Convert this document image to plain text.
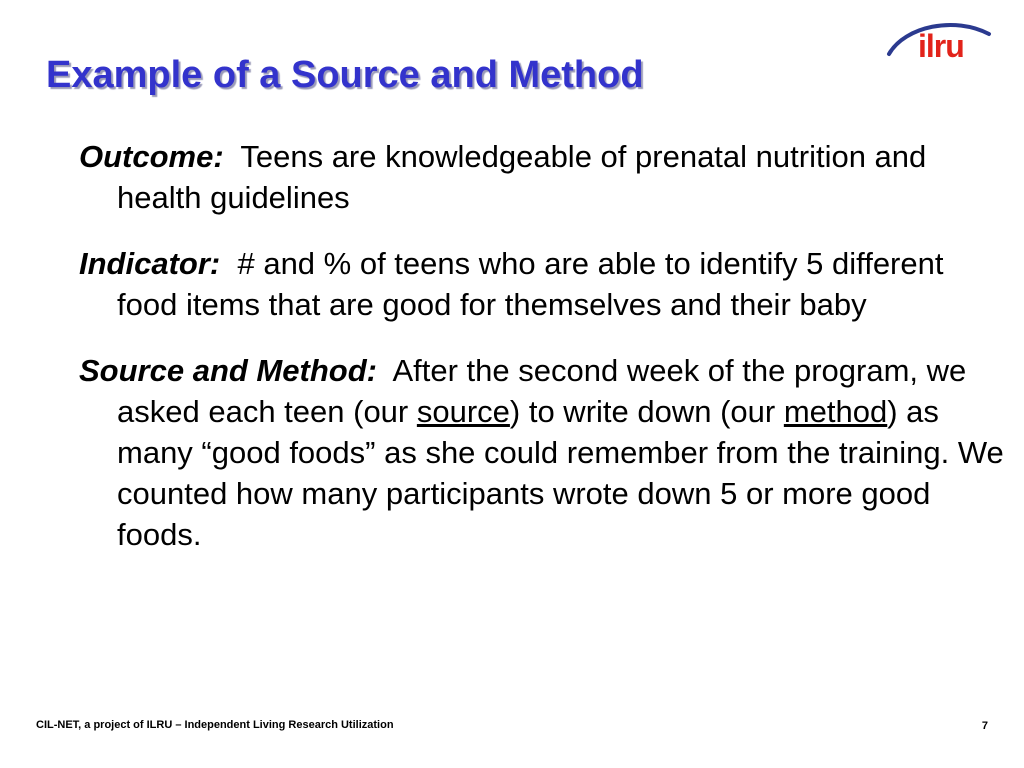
Example of a Source and Method
ilru

Outcome: Teens are knowledgeable of prenatal nutrition and health guidelines

Indicator: # and % of teens who are able to identify 5 different food items that are good for themselves and their baby

Source and Method: After the second week of the program, we asked each teen (our source) to write down (our method) as many “good foods” as she could remember from the training. We counted how many participants wrote down 5 or more good foods.

CIL-NET, a project of ILRU – Independent Living Research Utilization	7
